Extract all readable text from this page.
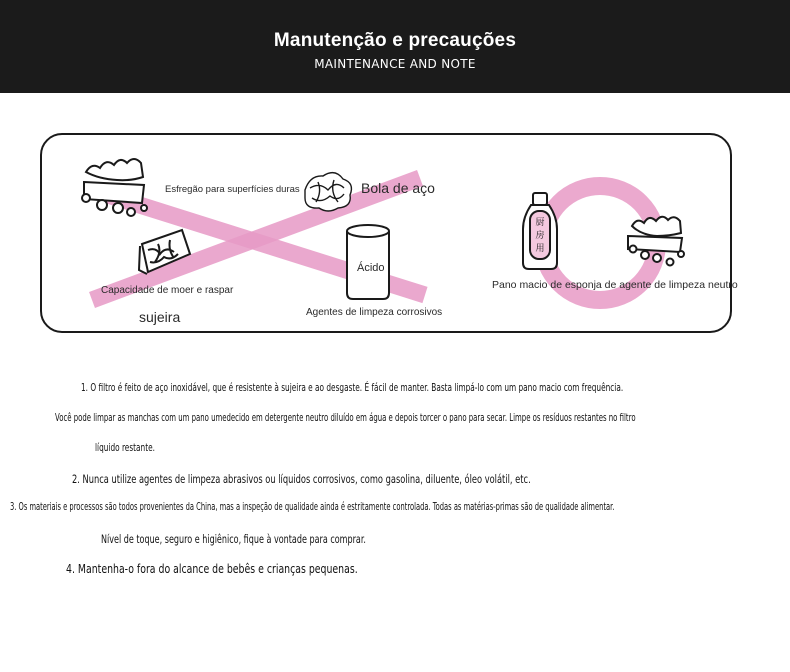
Manutenção e precauções
MAINTENANCE AND NOTE
Esfregão para superfícies duras	Bola de aço
Capacidade de moer e raspar
sujeira
Ácido
Agentes de limpeza corrosivos
厨房用
Pano macio de esponja de agente de limpeza neutro
1. O filtro é feito de aço inoxidável, que é resistente à sujeira e ao desgaste. É fácil de manter. Basta limpá-lo com um pano macio com frequência.
Você pode limpar as manchas com um pano umedecido em detergente neutro diluído em água e depois torcer o pano para secar. Limpe os resíduos restantes no filtro
líquido restante.
2. Nunca utilize agentes de limpeza abrasivos ou líquidos corrosivos, como gasolina, diluente, óleo volátil, etc.
3. Os materiais e processos são todos provenientes da China, mas a inspeção de qualidade ainda é estritamente controlada. Todas as matérias-primas são de qualidade alimentar.
Nível de toque, seguro e higiênico, fique à vontade para comprar.
4. Mantenha-o fora do alcance de bebês e crianças pequenas.
